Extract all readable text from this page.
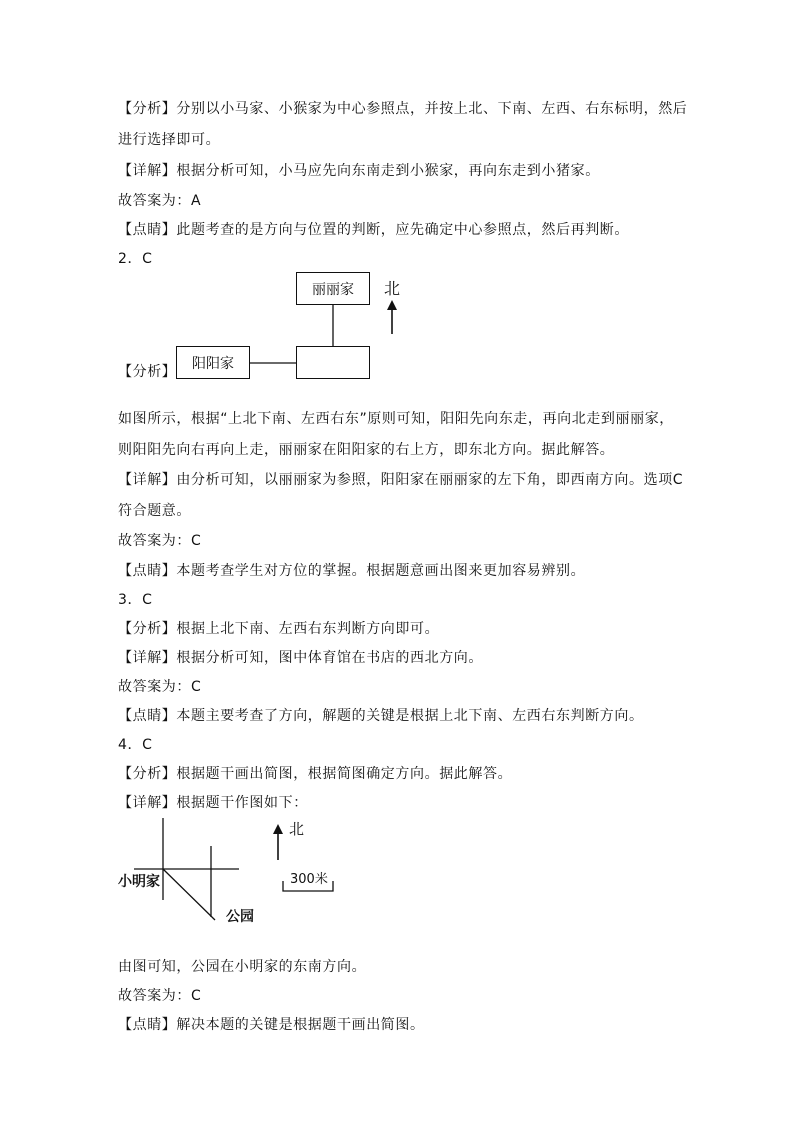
【分析】分别以小马家、小猴家为中心参照点，并按上北、下南、左西、右东标明，然后
进行选择即可。
【详解】根据分析可知，小马应先向东南走到小猴家，再向东走到小猪家。
故答案为：A
【点睛】此题考查的是方向与位置的判断，应先确定中心参照点，然后再判断。
2．C
丽丽家
阳阳家
北
【分析】
如图所示，根据“上北下南、左西右东”原则可知，阳阳先向东走，再向北走到丽丽家，
则阳阳先向右再向上走，丽丽家在阳阳家的右上方，即东北方向。据此解答。
【详解】由分析可知，以丽丽家为参照，阳阳家在丽丽家的左下角，即西南方向。选项C
符合题意。
故答案为：C
【点睛】本题考查学生对方位的掌握。根据题意画出图来更加容易辨别。
3．C
【分析】根据上北下南、左西右东判断方向即可。
【详解】根据分析可知，图中体育馆在书店的西北方向。
故答案为：C
【点睛】本题主要考查了方向，解题的关键是根据上北下南、左西右东判断方向。
4．C
【分析】根据题干画出简图，根据简图确定方向。据此解答。
【详解】根据题干作图如下：
小明家
公园
北
300米
由图可知，公园在小明家的东南方向。
故答案为：C
【点睛】解决本题的关键是根据题干画出简图。
